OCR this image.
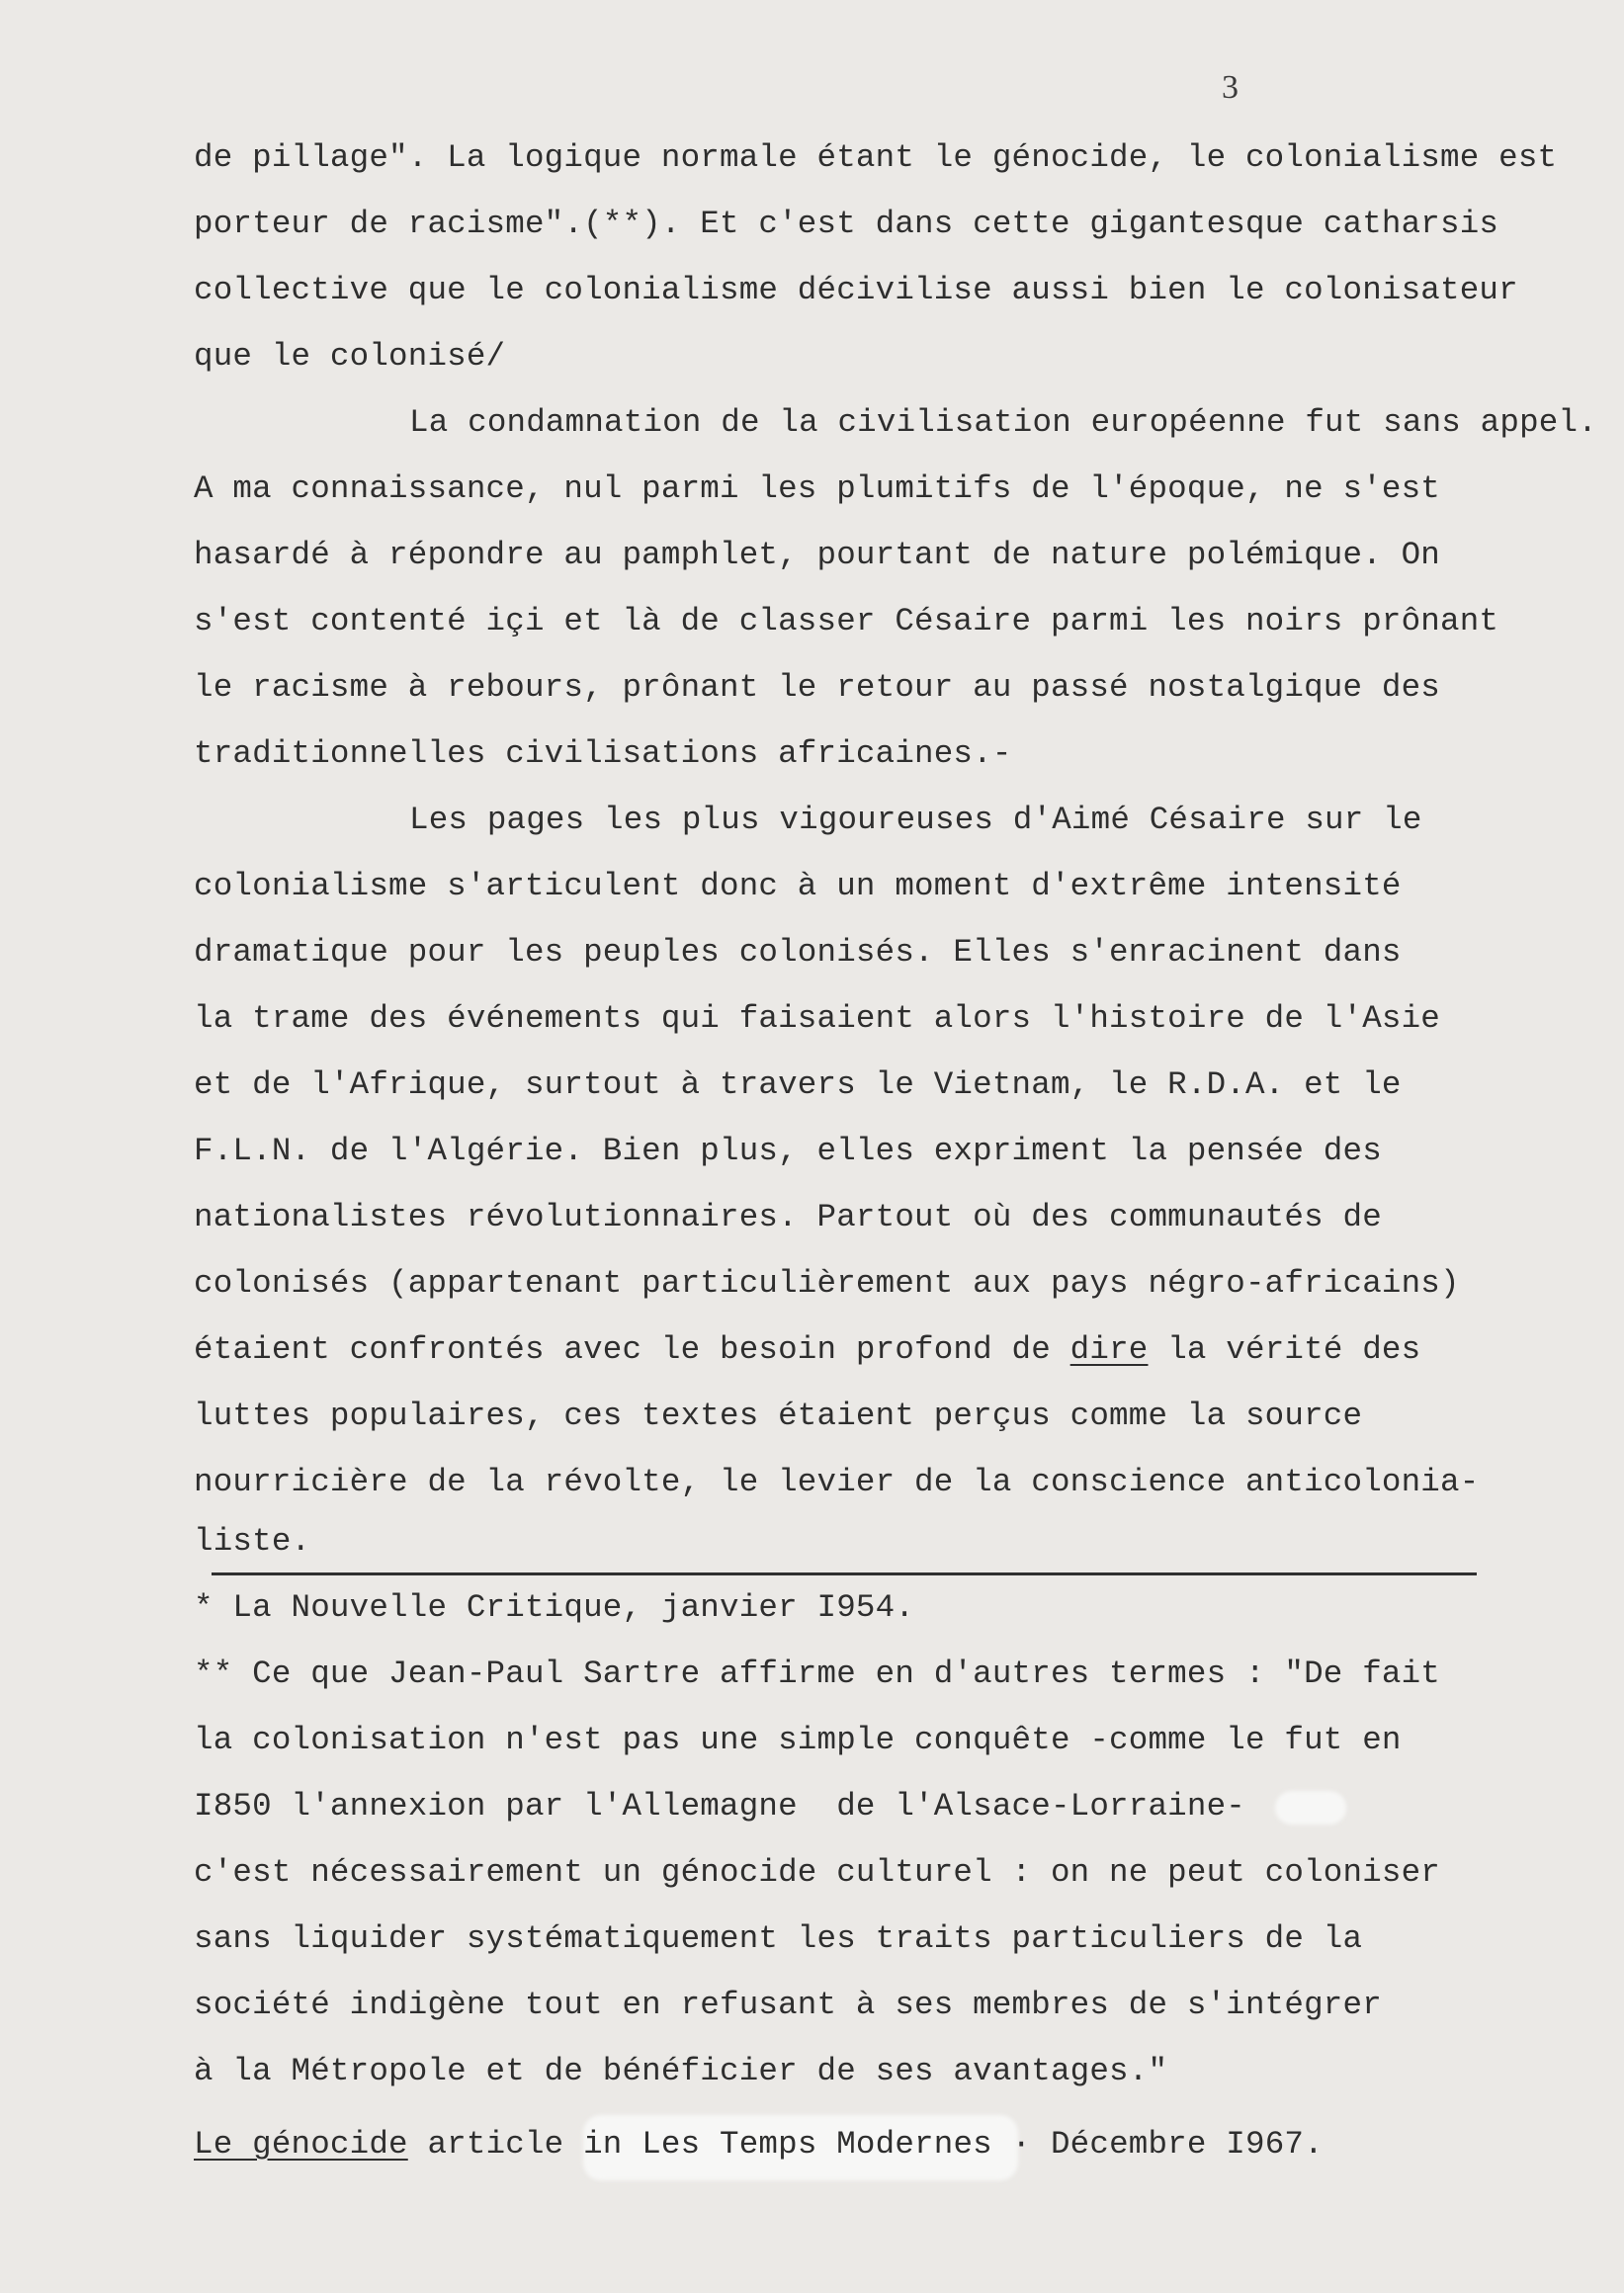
3
de pillage". La logique normale étant le génocide, le colonialisme est
porteur de racisme".(**). Et c'est dans cette gigantesque catharsis
collective que le colonialisme décivilise aussi bien le colonisateur
que le colonisé/
La condamnation de la civilisation européenne fut sans appel.
A ma connaissance, nul parmi les plumitifs de l'époque, ne s'est
hasardé à répondre au pamphlet, pourtant de nature polémique. On
s'est contenté içi et là de classer Césaire parmi les noirs prônant
le racisme à rebours, prônant le retour au passé nostalgique des
traditionnelles civilisations africaines.-
Les pages les plus vigoureuses d'Aimé Césaire sur le
colonialisme s'articulent donc à un moment d'extrême intensité
dramatique pour les peuples colonisés. Elles s'enracinent dans
la trame des événements qui faisaient alors l'histoire de l'Asie
et de l'Afrique, surtout à travers le Vietnam, le R.D.A. et le
F.L.N. de l'Algérie. Bien plus, elles expriment la pensée des
nationalistes révolutionnaires. Partout où des communautés de
colonisés (appartenant particulièrement aux pays négro-africains)
étaient confrontés avec le besoin profond de dire la vérité des
luttes populaires, ces textes étaient perçus comme la source
nourricière de la révolte, le levier de la conscience anticolonia-
liste.
* La Nouvelle Critique, janvier I954.
** Ce que Jean-Paul Sartre affirme en d'autres termes : "De fait
la colonisation n'est pas une simple conquête -comme le fut en
I850 l'annexion par l'Allemagne  de l'Alsace-Lorraine-
c'est nécessairement un génocide culturel : on ne peut coloniser
sans liquider systématiquement les traits particuliers de la
société indigène tout en refusant à ses membres de s'intégrer
à la Métropole et de bénéficier de ses avantages."
Le génocide article in Les Temps Modernes · Décembre I967.
